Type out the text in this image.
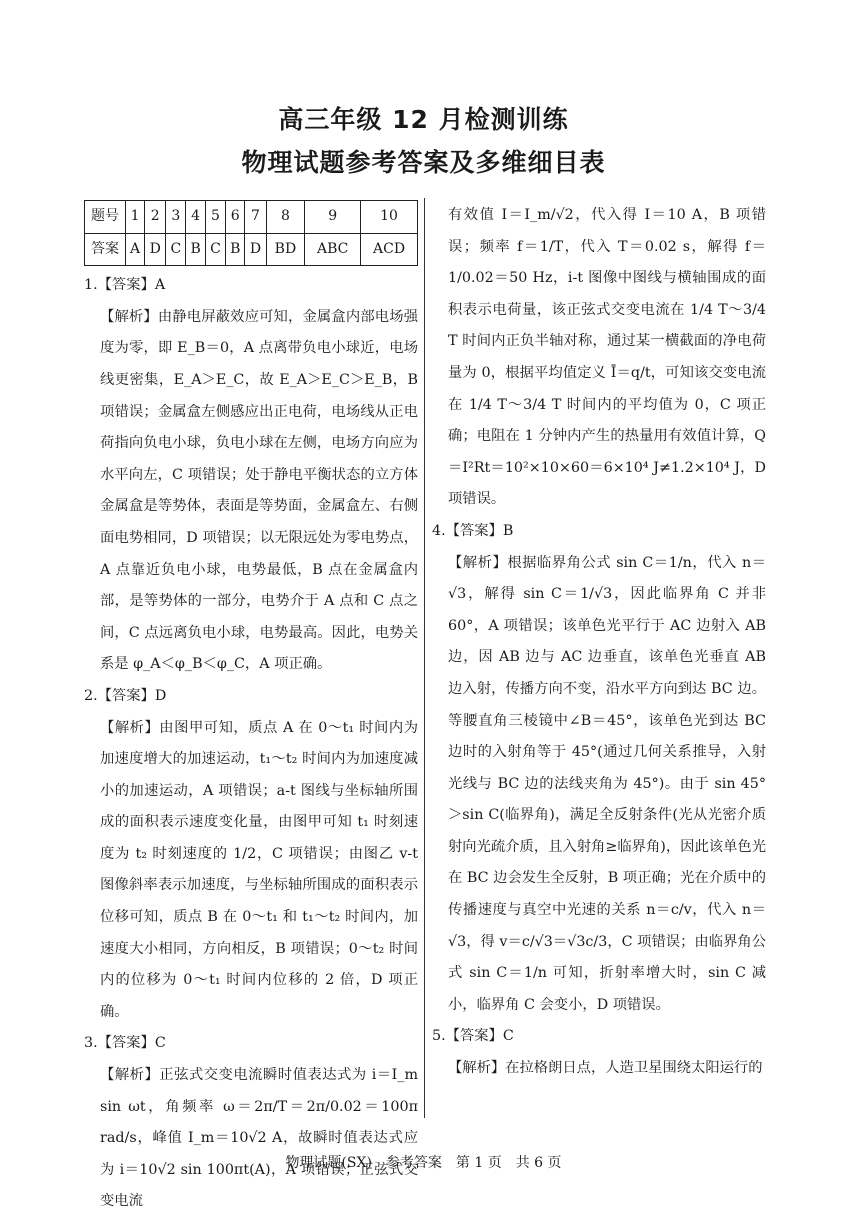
高三年级 12 月检测训练
物理试题参考答案及多维细目表
题号	1	2	3	4	5	6	7	8	9	10
答案	A	D	C	B	C	B	D	BD	ABC	ACD

1.【答案】A

【解析】由静电屏蔽效应可知，金属盒内部电场强度为零，即 E_B＝0，A 点离带负电小球近，电场线更密集，E_A＞E_C，故 E_A＞E_C＞E_B，B 项错误；金属盒左侧感应出正电荷，电场线从正电荷指向负电小球，负电小球在左侧，电场方向应为水平向左，C 项错误；处于静电平衡状态的立方体金属盒是等势体，表面是等势面，金属盒左、右侧面电势相同，D 项错误；以无限远处为零电势点，A 点靠近负电小球，电势最低，B 点在金属盒内部，是等势体的一部分，电势介于 A 点和 C 点之间，C 点远离负电小球，电势最高。因此，电势关系是 φ_A＜φ_B＜φ_C，A 项正确。

2.【答案】D

【解析】由图甲可知，质点 A 在 0～t₁ 时间内为加速度增大的加速运动，t₁～t₂ 时间内为加速度减小的加速运动，A 项错误；a-t 图线与坐标轴所围成的面积表示速度变化量，由图甲可知 t₁ 时刻速度为 t₂ 时刻速度的 1/2，C 项错误；由图乙 v-t 图像斜率表示加速度，与坐标轴所围成的面积表示位移可知，质点 B 在 0～t₁ 和 t₁～t₂ 时间内，加速度大小相同，方向相反，B 项错误；0～t₂ 时间内的位移为 0～t₁ 时间内位移的 2 倍，D 项正确。

3.【答案】C

【解析】正弦式交变电流瞬时值表达式为 i＝I_m sin ωt，角频率 ω＝2π/T＝2π/0.02＝100π rad/s，峰值 I_m＝10√2 A，故瞬时值表达式应为 i＝10√2 sin 100πt(A)，A 项错误；正弦式交变电流

有效值 I＝I_m/√2，代入得 I＝10 A，B 项错误；频率 f＝1/T，代入 T＝0.02 s，解得 f＝1/0.02＝50 Hz，i-t 图像中图线与横轴围成的面积表示电荷量，该正弦式交变电流在 1/4 T～3/4 T 时间内正负半轴对称，通过某一横截面的净电荷量为 0，根据平均值定义 Ī＝q/t，可知该交变电流在 1/4 T～3/4 T 时间内的平均值为 0，C 项正确；电阻在 1 分钟内产生的热量用有效值计算，Q＝I²Rt＝10²×10×60＝6×10⁴ J≠1.2×10⁴ J，D 项错误。

4.【答案】B

【解析】根据临界角公式 sin C＝1/n，代入 n＝√3，解得 sin C＝1/√3，因此临界角 C 并非 60°，A 项错误；该单色光平行于 AC 边射入 AB 边，因 AB 边与 AC 边垂直，该单色光垂直 AB 边入射，传播方向不变，沿水平方向到达 BC 边。等腰直角三棱镜中∠B＝45°，该单色光到达 BC 边时的入射角等于 45°(通过几何关系推导，入射光线与 BC 边的法线夹角为 45°)。由于 sin 45°＞sin C(临界角)，满足全反射条件(光从光密介质射向光疏介质，且入射角≥临界角)，因此该单色光在 BC 边会发生全反射，B 项正确；光在介质中的传播速度与真空中光速的关系 n＝c/v，代入 n＝√3，得 v＝c/√3＝√3c/3，C 项错误；由临界角公式 sin C＝1/n 可知，折射率增大时，sin C 减小，临界角 C 会变小，D 项错误。

5.【答案】C

【解析】在拉格朗日点，人造卫星围绕太阳运行的

物理试题(SX)　参考答案　第 1 页　共 6 页
